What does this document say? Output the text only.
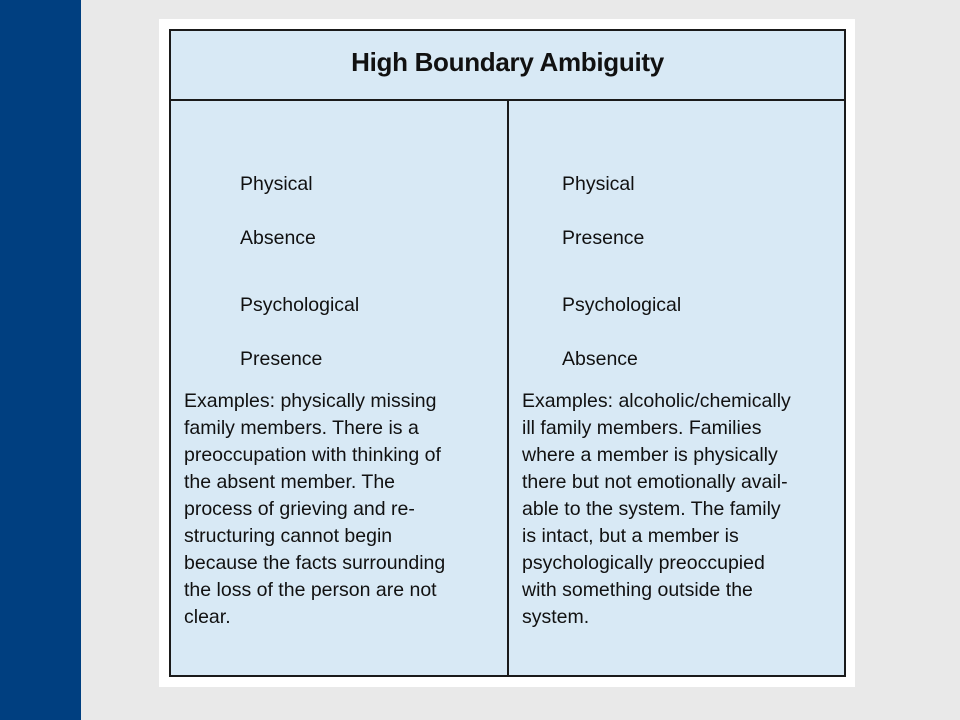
High Boundary Ambiguity

Physical

Absence

Psychological

Presence

Examples: physically missing
family members. There is a
preoccupation with thinking of
the absent member. The
process of grieving and re-
structuring cannot begin
because the facts surrounding
the loss of the person are not
clear.

Physical

Presence

Psychological

Absence

Examples: alcoholic/chemically
ill family members. Families
where a member is physically
there but not emotionally avail-
able to the system. The family
is intact, but a member is
psychologically preoccupied
with something outside the
system.
